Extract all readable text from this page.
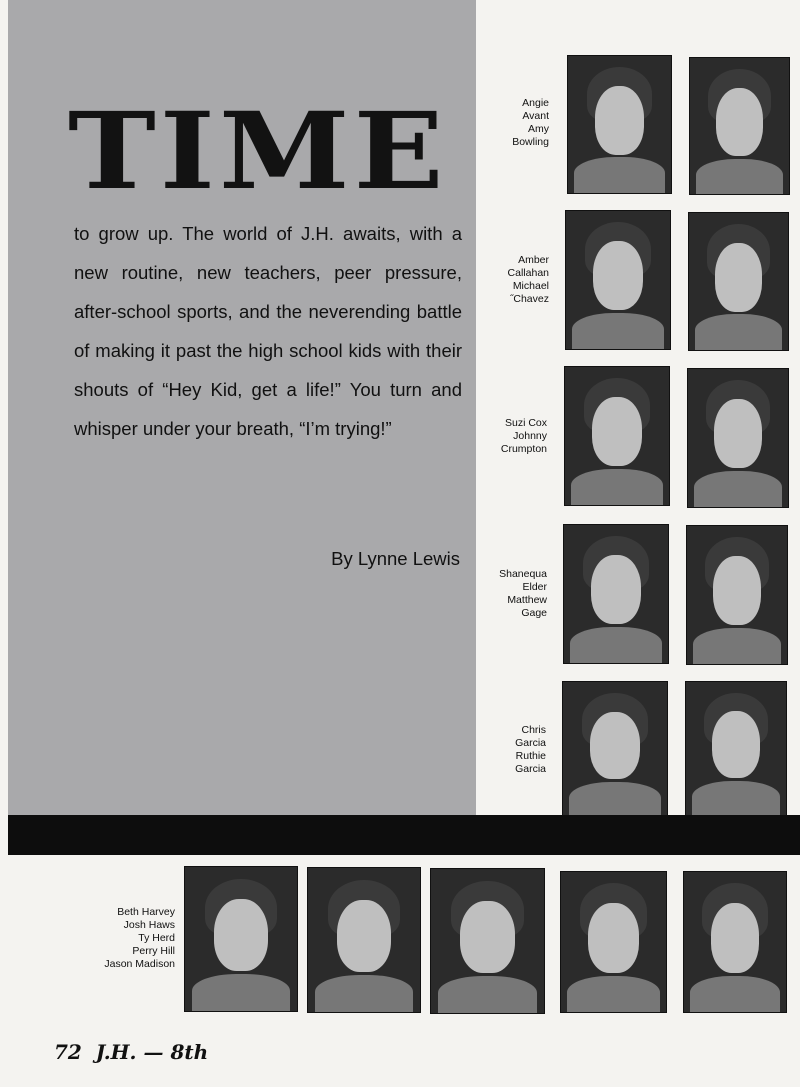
TIME
to grow up. The world of J.H. awaits, with a new routine, new teachers, peer pressure, after-school sports, and the neverending battle of making it past the high school kids with their shouts of “Hey Kid, get a life!” You turn and whisper under your breath, “I’m trying!”
By Lynne Lewis
Angie
Avant
Amy
Bowling
Amber
Callahan
Michael
˝Chavez
Suzi Cox
Johnny
Crumpton
Shanequa
Elder
Matthew
Gage
Chris
Garcia
Ruthie
Garcia
Beth Harvey
Josh Haws
Ty Herd
Perry Hill
Jason Madison
72 J.H. — 8th
